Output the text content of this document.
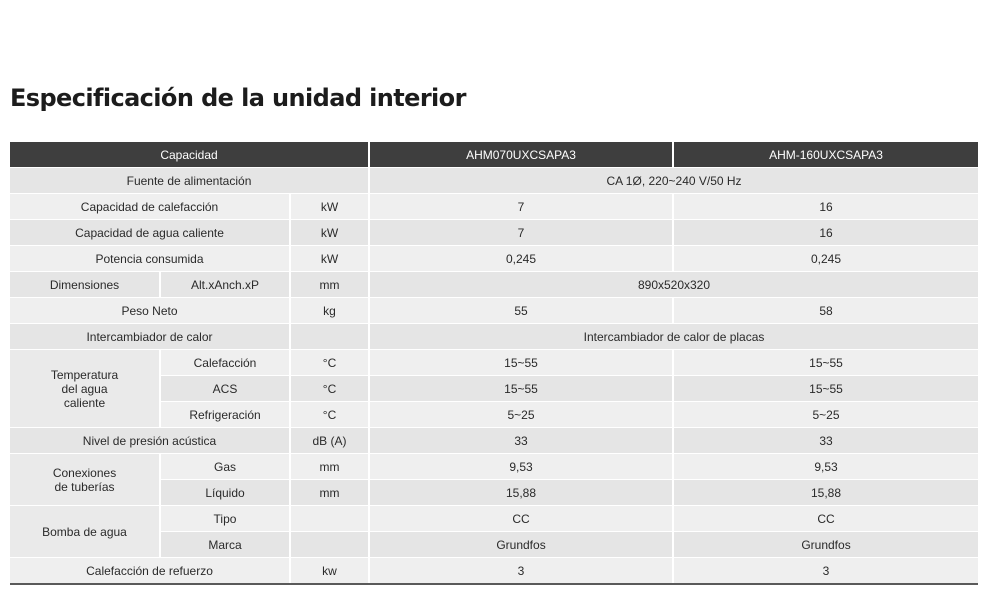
Especificación de la unidad interior
Capacidad			AHM070UXCSAPA3	AHM-160UXCSAPA3
Fuente de alimentación			CA 1Ø, 220~240 V/50 Hz	
Capacidad de calefacción		kW	7	16
Capacidad de agua caliente		kW	7	16
Potencia consumida		kW	0,245	0,245
Dimensiones	Alt.xAnch.xP	mm	890x520x320	
Peso Neto		kg	55	58
Intercambiador de calor			Intercambiador de calor de placas	
Temperatura
del agua
caliente	Calefacción	°C	15~55	15~55
	ACS	°C	15~55	15~55
	Refrigeración	°C	5~25	5~25
Nivel de presión acústica		dB (A)	33	33
Conexiones
de tuberías	Gas	mm	9,53	9,53
	Líquido	mm	15,88	15,88
Bomba de agua	Tipo		CC	CC
	Marca		Grundfos	Grundfos
Calefacción de refuerzo		kw	3	3
